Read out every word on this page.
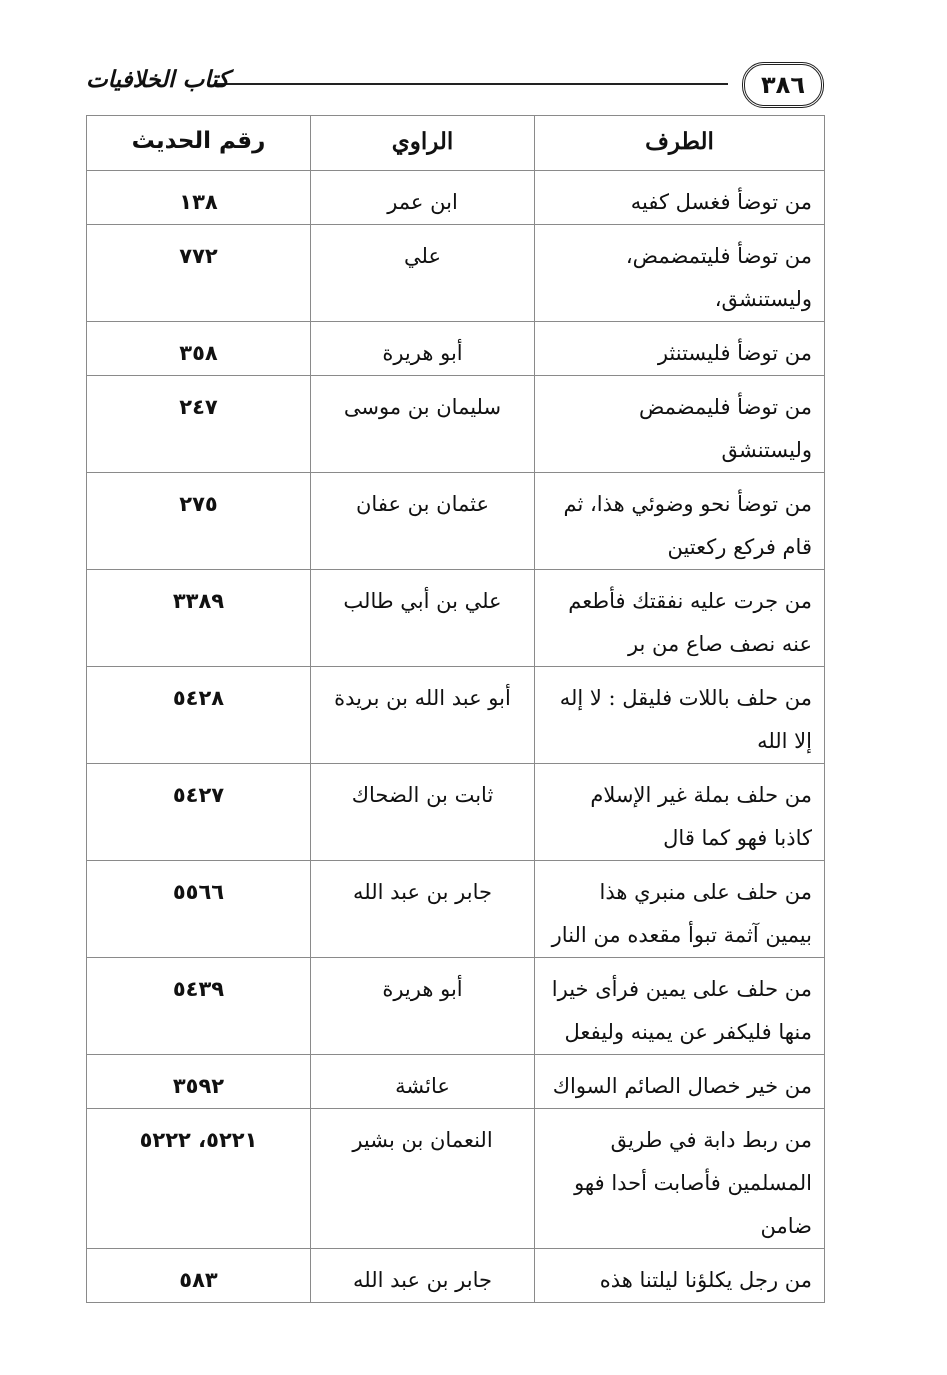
٣٨٦
كتاب الخلافيات
الطرف	الراوي	رقم الحديث
من توضأ فغسل كفيه	ابن عمر	١٣٨
من توضأ فليتمضمض، وليستنشق،	علي	٧٧٢
من توضأ فليستنثر	أبو هريرة	٣٥٨
من توضأ فليمضمض وليستنشق	سليمان بن موسى	٢٤٧
من توضأ نحو وضوئي هذا، ثم قام فركع ركعتين	عثمان بن عفان	٢٧٥
من جرت عليه نفقتك فأطعم عنه نصف صاع من بر	علي بن أبي طالب	٣٣٨٩
من حلف باللات فليقل : لا إله إلا الله	أبو عبد الله بن بريدة	٥٤٢٨
من حلف بملة غير الإسلام كاذبا فهو كما قال	ثابت بن الضحاك	٥٤٢٧
من حلف على منبري هذا بيمين آثمة تبوأ مقعده من النار	جابر بن عبد الله	٥٥٦٦
من حلف على يمين فرأى خيرا منها فليكفر عن يمينه وليفعل	أبو هريرة	٥٤٣٩
من خير خصال الصائم السواك	عائشة	٣٥٩٢
من ربط دابة في طريق المسلمين فأصابت أحدا فهو ضامن	النعمان بن بشير	٥٢٢١، ٥٢٢٢
من رجل يكلؤنا ليلتنا هذه	جابر بن عبد الله	٥٨٣
